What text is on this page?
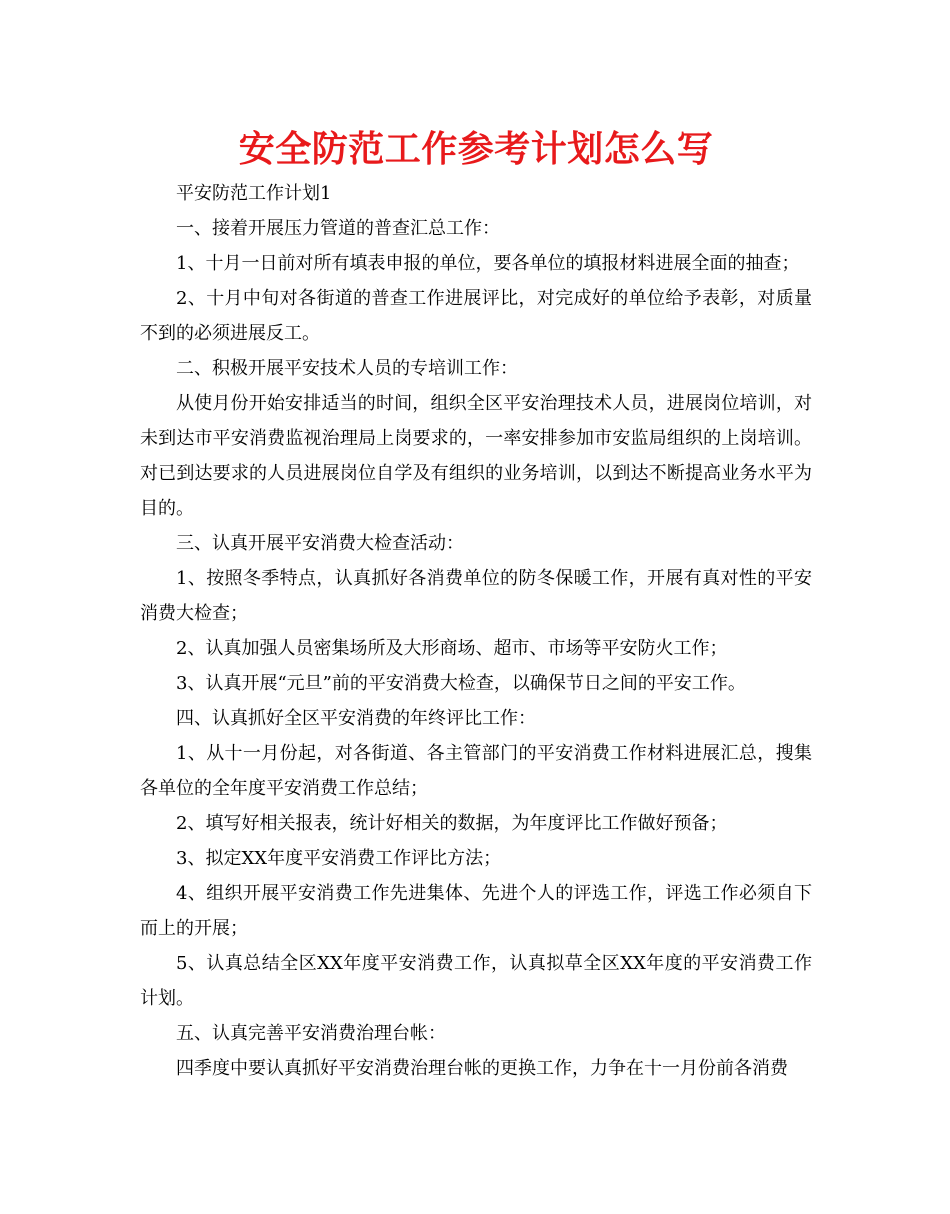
安全防范工作参考计划怎么写

平安防范工作计划1

一、接着开展压力管道的普查汇总工作：

1、十月一日前对所有填表申报的单位，要各单位的填报材料进展全面的抽查；

2、十月中旬对各街道的普查工作进展评比，对完成好的单位给予表彰，对质量不到的必须进展反工。

二、积极开展平安技术人员的专培训工作：

从使月份开始安排适当的时间，组织全区平安治理技术人员，进展岗位培训，对未到达市平安消费监视治理局上岗要求的，一率安排参加市安监局组织的上岗培训。对已到达要求的人员进展岗位自学及有组织的业务培训，以到达不断提高业务水平为目的。

三、认真开展平安消费大检查活动：

1、按照冬季特点，认真抓好各消费单位的防冬保暖工作，开展有真对性的平安消费大检查；

2、认真加强人员密集场所及大形商场、超市、市场等平安防火工作；

3、认真开展“元旦”前的平安消费大检查，以确保节日之间的平安工作。

四、认真抓好全区平安消费的年终评比工作：

1、从十一月份起，对各街道、各主管部门的平安消费工作材料进展汇总，搜集各单位的全年度平安消费工作总结；

2、填写好相关报表，统计好相关的数据，为年度评比工作做好预备；

3、拟定XX年度平安消费工作评比方法；

4、组织开展平安消费工作先进集体、先进个人的评选工作，评选工作必须自下而上的开展；

5、认真总结全区XX年度平安消费工作，认真拟草全区XX年度的平安消费工作计划。

五、认真完善平安消费治理台帐：

四季度中要认真抓好平安消费治理台帐的更换工作，力争在十一月份前各消费
